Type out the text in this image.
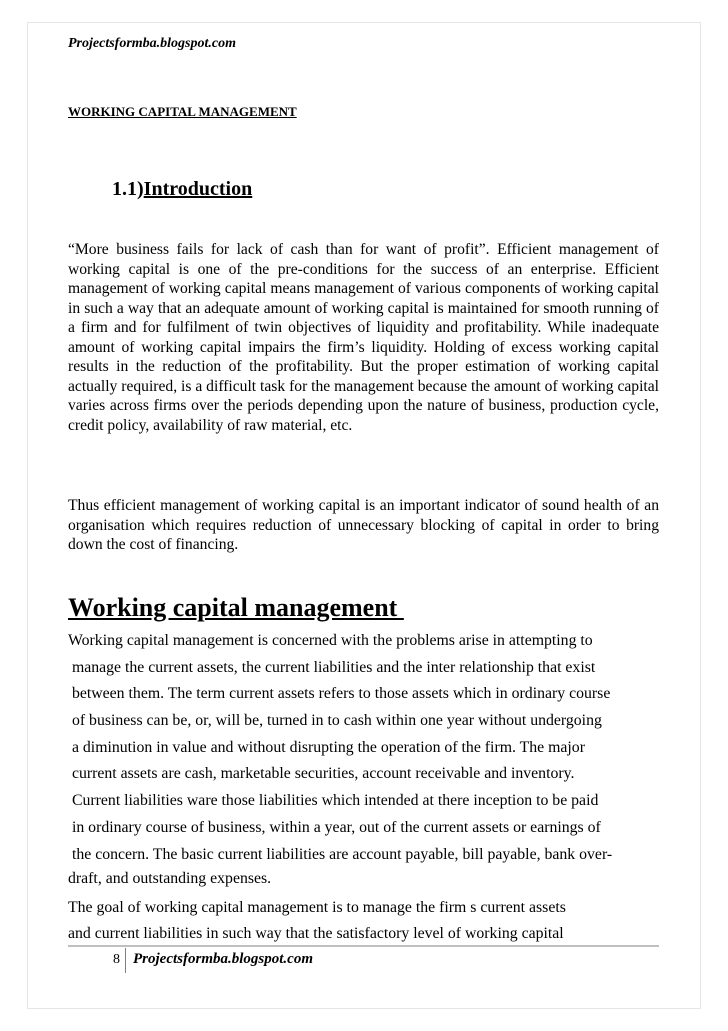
Projectsformba.blogspot.com
WORKING CAPITAL MANAGEMENT
1.1)Introduction
“More business fails for lack of cash than for want of profit”. Efficient management of working capital is one of the pre-conditions for the success of an enterprise. Efficient management of working capital means management of various components of working capital in such a way that an adequate amount of working capital is maintained for smooth running of a firm and for fulfilment of twin objectives of liquidity and profitability. While inadequate amount of working capital impairs the firm’s liquidity. Holding of excess working capital results in the reduction of the profitability. But the proper estimation of working capital actually required, is a difficult task for the management because the amount of working capital varies across firms over the periods depending upon the nature of business, production cycle, credit policy, availability of raw material, etc.
Thus efficient management of working capital is an important indicator of sound health of an organisation which requires reduction of unnecessary blocking of capital in order to bring down the cost of financing.
Working capital management
Working capital management is concerned with the problems arise in attempting to
manage the current assets, the current liabilities and the inter relationship that exist
between them. The term current assets refers to those assets which in ordinary course
of business can be, or, will be, turned in to cash within one year without undergoing
a diminution in value and without disrupting the operation of the firm. The major
current assets are cash, marketable securities, account receivable and inventory.
Current liabilities ware those liabilities which intended at there inception to be paid
in ordinary course of business, within a year, out of the current assets or earnings of
the concern. The basic current liabilities are account payable, bill payable, bank over-
draft, and outstanding expenses.
The goal of working capital management is to manage the firm s current assets
and current liabilities in such way that the satisfactory level of working capital
8 Projectsformba.blogspot.com
